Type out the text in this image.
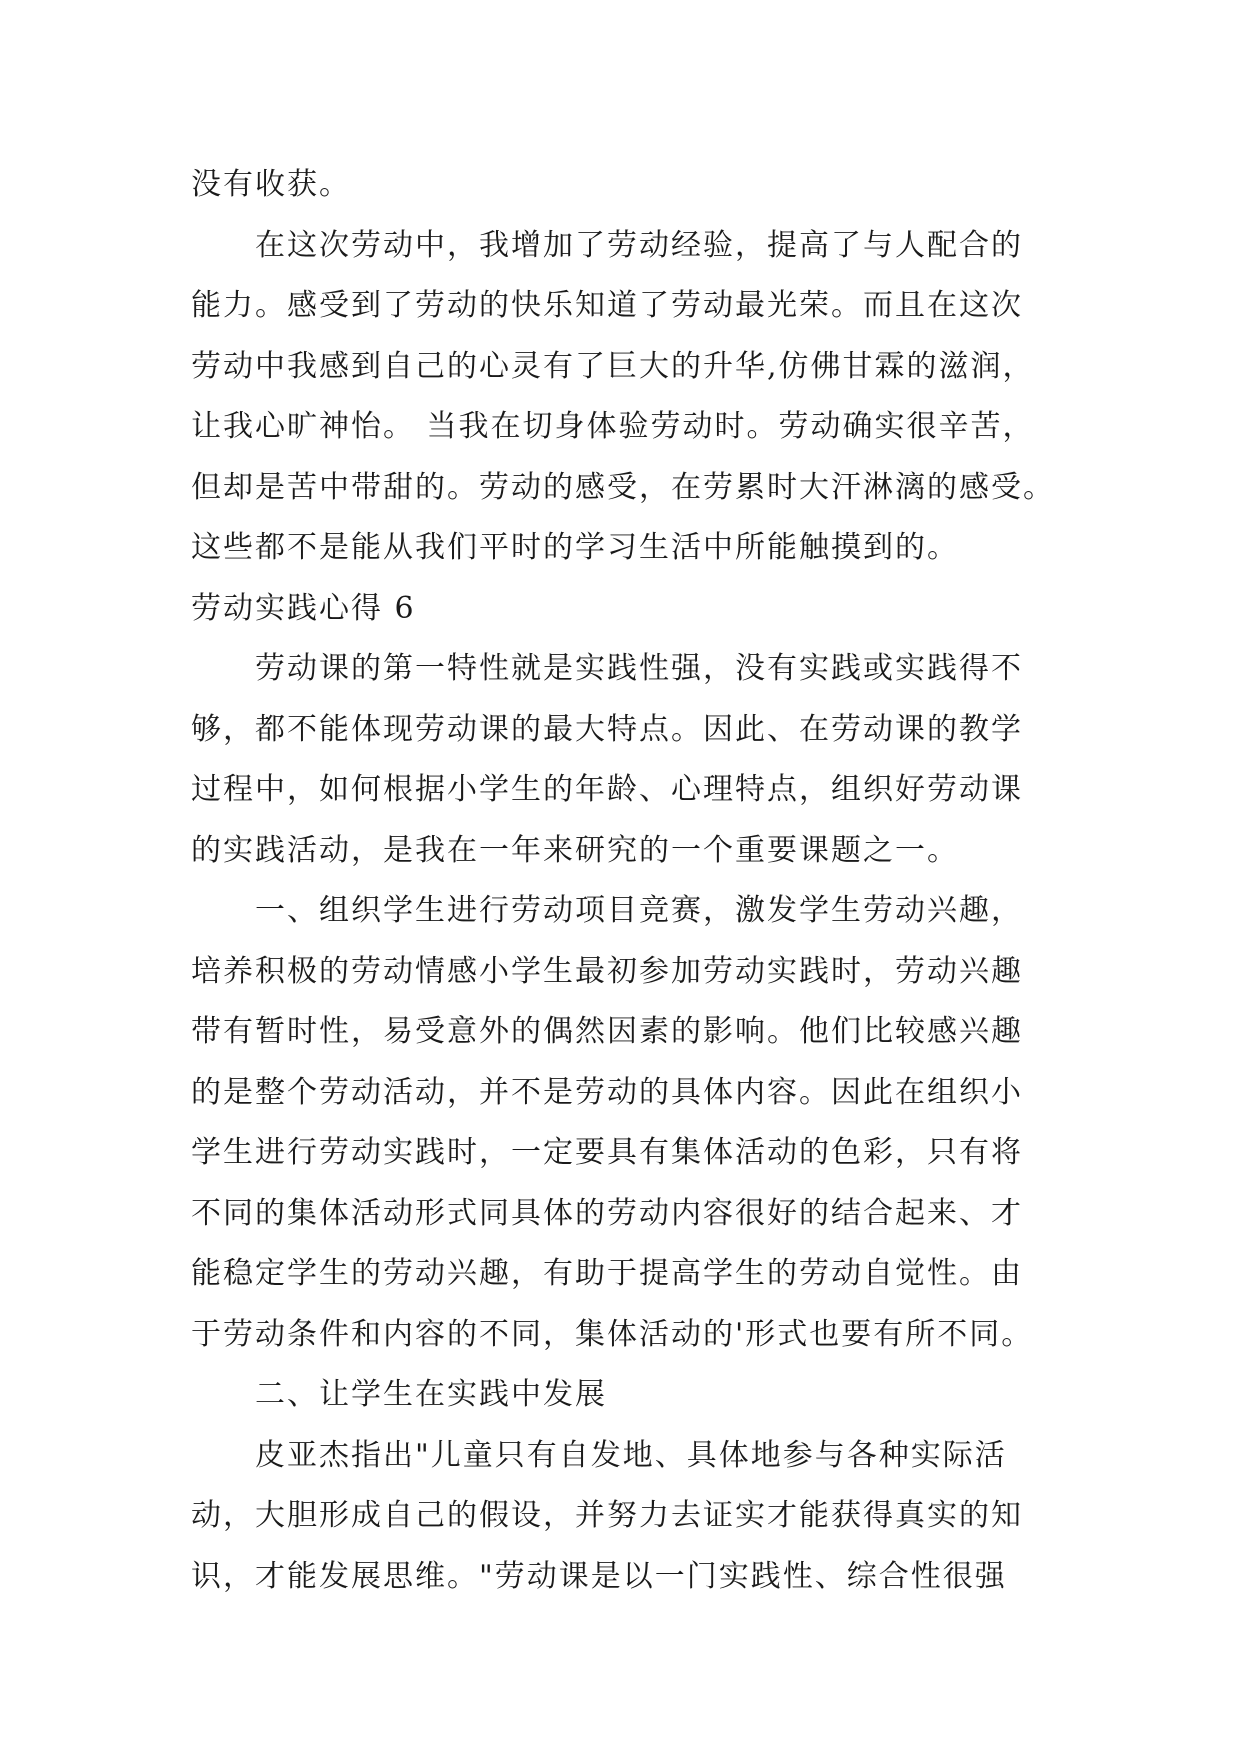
没有收获。
在这次劳动中，我增加了劳动经验，提高了与人配合的
能力。感受到了劳动的快乐知道了劳动最光荣。而且在这次
劳动中我感到自己的心灵有了巨大的升华,仿佛甘霖的滋润，
让我心旷神怡。 当我在切身体验劳动时。劳动确实很辛苦，
但却是苦中带甜的。劳动的感受，在劳累时大汗淋漓的感受。
这些都不是能从我们平时的学习生活中所能触摸到的。
劳动实践心得 6
劳动课的第一特性就是实践性强，没有实践或实践得不
够，都不能体现劳动课的最大特点。因此、在劳动课的教学
过程中，如何根据小学生的年龄、心理特点，组织好劳动课
的实践活动，是我在一年来研究的一个重要课题之一。
一、组织学生进行劳动项目竞赛，激发学生劳动兴趣，
培养积极的劳动情感小学生最初参加劳动实践时，劳动兴趣
带有暂时性，易受意外的偶然因素的影响。他们比较感兴趣
的是整个劳动活动，并不是劳动的具体内容。因此在组织小
学生进行劳动实践时，一定要具有集体活动的色彩，只有将
不同的集体活动形式同具体的劳动内容很好的结合起来、才
能稳定学生的劳动兴趣，有助于提高学生的劳动自觉性。由
于劳动条件和内容的不同，集体活动的'形式也要有所不同。
二、让学生在实践中发展
皮亚杰指出"儿童只有自发地、具体地参与各种实际活
动，大胆形成自己的假设，并努力去证实才能获得真实的知
识，才能发展思维。"劳动课是以一门实践性、综合性很强
